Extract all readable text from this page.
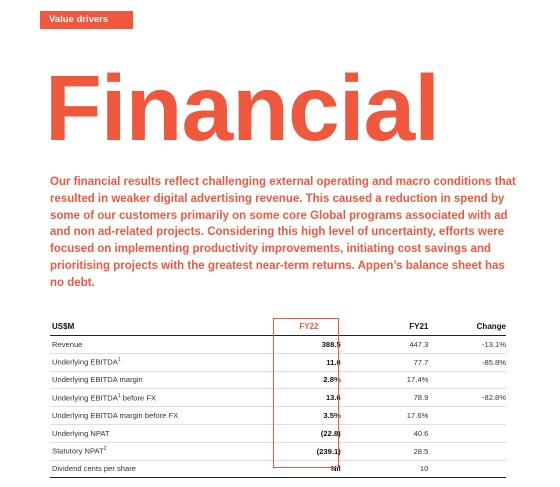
Value drivers
Financial

Our financial results reflect challenging external operating and macro conditions that resulted in weaker digital advertising revenue. This caused a reduction in spend by some of our customers primarily on some core Global programs associated with ad and non ad-related projects. Considering this high level of uncertainty, efforts were focused on implementing productivity improvements, initiating cost savings and prioritising projects with the greatest near-term returns. Appen’s balance sheet has no debt.

US$M	FY22	FY21	Change
Revenue	388.5	447.3	-13.1%
Underlying EBITDA$^1$	11.0	77.7	-85.8%
Underlying EBITDA margin	2.8%	17.4%
Underlying EBITDA$^1$ before FX	13.6	78.9	-82.8%
Underlying EBITDA margin before FX	3.5%	17.6%
Underlying NPAT	(22.8)	40.6
Statutory NPAT$^2$	(239.1)	28.5
Dividend cents per share	Nil	10
